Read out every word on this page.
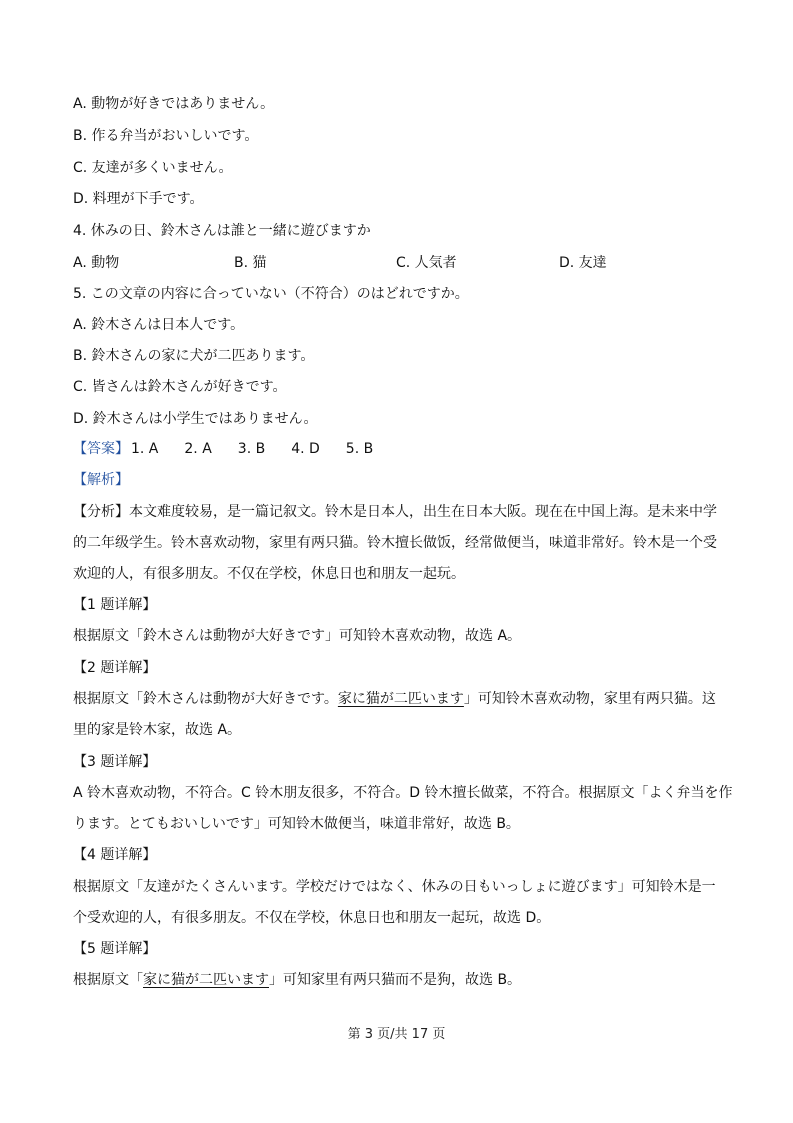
A. 動物が好きではありません。
B. 作る弁当がおいしいです。
C. 友達が多くいません。
D. 料理が下手です。
4. 休みの日、鈴木さんは誰と一緒に遊びますか
A. 動物	B. 猫	C. 人気者	D. 友達
5. この文章の内容に合っていない（不符合）のはどれですか。
A. 鈴木さんは日本人です。
B. 鈴木さんの家に犬が二匹あります。
C. 皆さんは鈴木さんが好きです。
D. 鈴木さんは小学生ではありません。
【答案】 1. A 2. A 3. B 4. D 5. B
【解析】
【分析】本文难度较易，是一篇记叙文。铃木是日本人，出生在日本大阪。现在在中国上海。是未来中学
的二年级学生。铃木喜欢动物，家里有两只猫。铃木擅长做饭，经常做便当，味道非常好。铃木是一个受
欢迎的人，有很多朋友。不仅在学校，休息日也和朋友一起玩。
【1 题详解】
根据原文「鈴木さんは動物が大好きです」可知铃木喜欢动物，故选 A。
【2 题详解】
根据原文「鈴木さんは動物が大好きです。家に猫が二匹います」可知铃木喜欢动物，家里有两只猫。这
里的家是铃木家，故选 A。
【3 题详解】
A 铃木喜欢动物，不符合。C 铃木朋友很多，不符合。D 铃木擅长做菜，不符合。根据原文「よく弁当を作
ります。とてもおいしいです」可知铃木做便当，味道非常好，故选 B。
【4 题详解】
根据原文「友達がたくさんいます。学校だけではなく、休みの日もいっしょに遊びます」可知铃木是一
个受欢迎的人，有很多朋友。不仅在学校，休息日也和朋友一起玩，故选 D。
【5 题详解】
根据原文「家に猫が二匹います」可知家里有两只猫而不是狗，故选 B。
第 3 页/共 17 页
